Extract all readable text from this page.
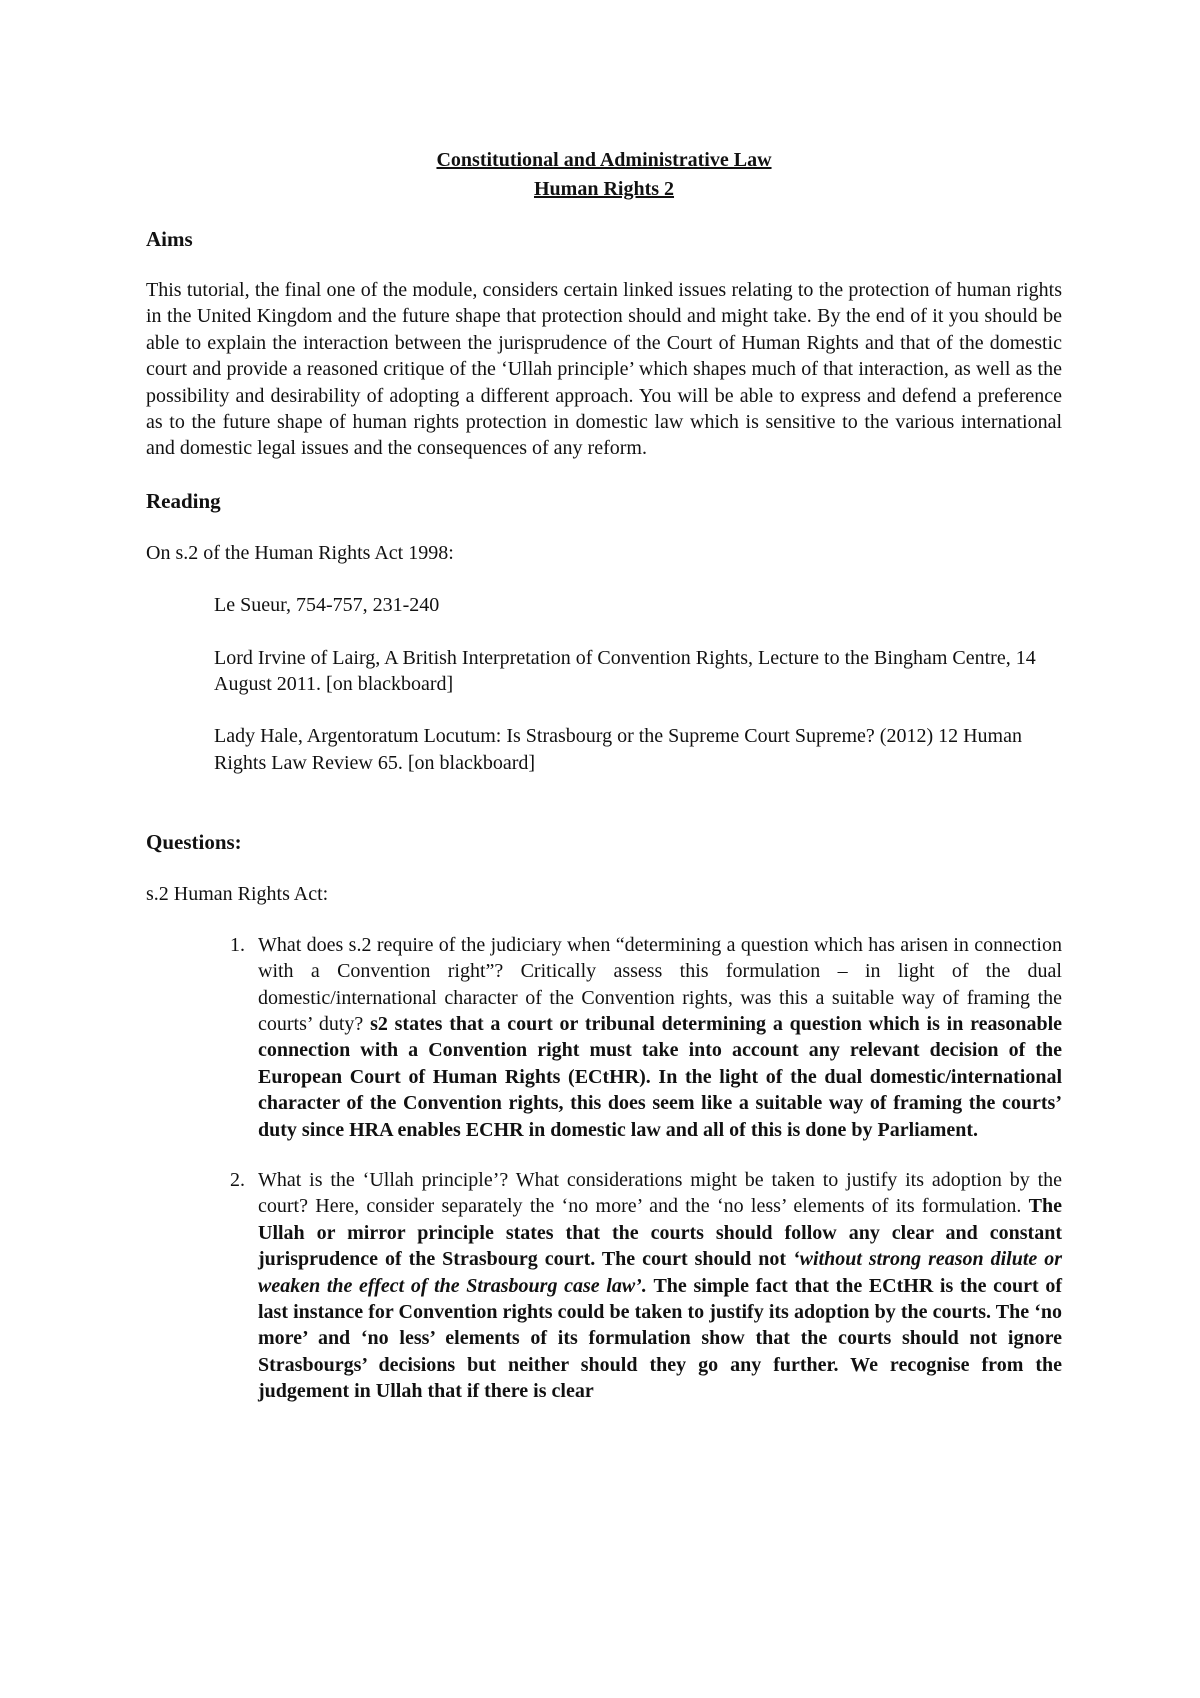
Constitutional and Administrative Law
Human Rights 2
Aims

This tutorial, the final one of the module, considers certain linked issues relating to the protection of human rights in the United Kingdom and the future shape that protection should and might take. By the end of it you should be able to explain the interaction between the jurisprudence of the Court of Human Rights and that of the domestic court and provide a reasoned critique of the ‘Ullah principle’ which shapes much of that interaction, as well as the possibility and desirability of adopting a different approach. You will be able to express and defend a preference as to the future shape of human rights protection in domestic law which is sensitive to the various international and domestic legal issues and the consequences of any reform.

Reading

On s.2 of the Human Rights Act 1998:

Le Sueur, 754-757, 231-240

Lord Irvine of Lairg, A British Interpretation of Convention Rights, Lecture to the Bingham Centre, 14 August 2011. [on blackboard]

Lady Hale, Argentoratum Locutum: Is Strasbourg or the Supreme Court Supreme? (2012) 12 Human Rights Law Review 65. [on blackboard]

Questions:

s.2 Human Rights Act:

1. What does s.2 require of the judiciary when “determining a question which has arisen in connection with a Convention right”? Critically assess this formulation – in light of the dual domestic/international character of the Convention rights, was this a suitable way of framing the courts’ duty? s2 states that a court or tribunal determining a question which is in reasonable connection with a Convention right must take into account any relevant decision of the European Court of Human Rights (ECtHR). In the light of the dual domestic/international character of the Convention rights, this does seem like a suitable way of framing the courts’ duty since HRA enables ECHR in domestic law and all of this is done by Parliament.
2. What is the ‘Ullah principle’? What considerations might be taken to justify its adoption by the court? Here, consider separately the ‘no more’ and the ‘no less’ elements of its formulation. The Ullah or mirror principle states that the courts should follow any clear and constant jurisprudence of the Strasbourg court. The court should not ‘without strong reason dilute or weaken the effect of the Strasbourg case law’. The simple fact that the ECtHR is the court of last instance for Convention rights could be taken to justify its adoption by the courts. The ‘no more’ and ‘no less’ elements of its formulation show that the courts should not ignore Strasbourgs’ decisions but neither should they go any further. We recognise from the judgement in Ullah that if there is clear
